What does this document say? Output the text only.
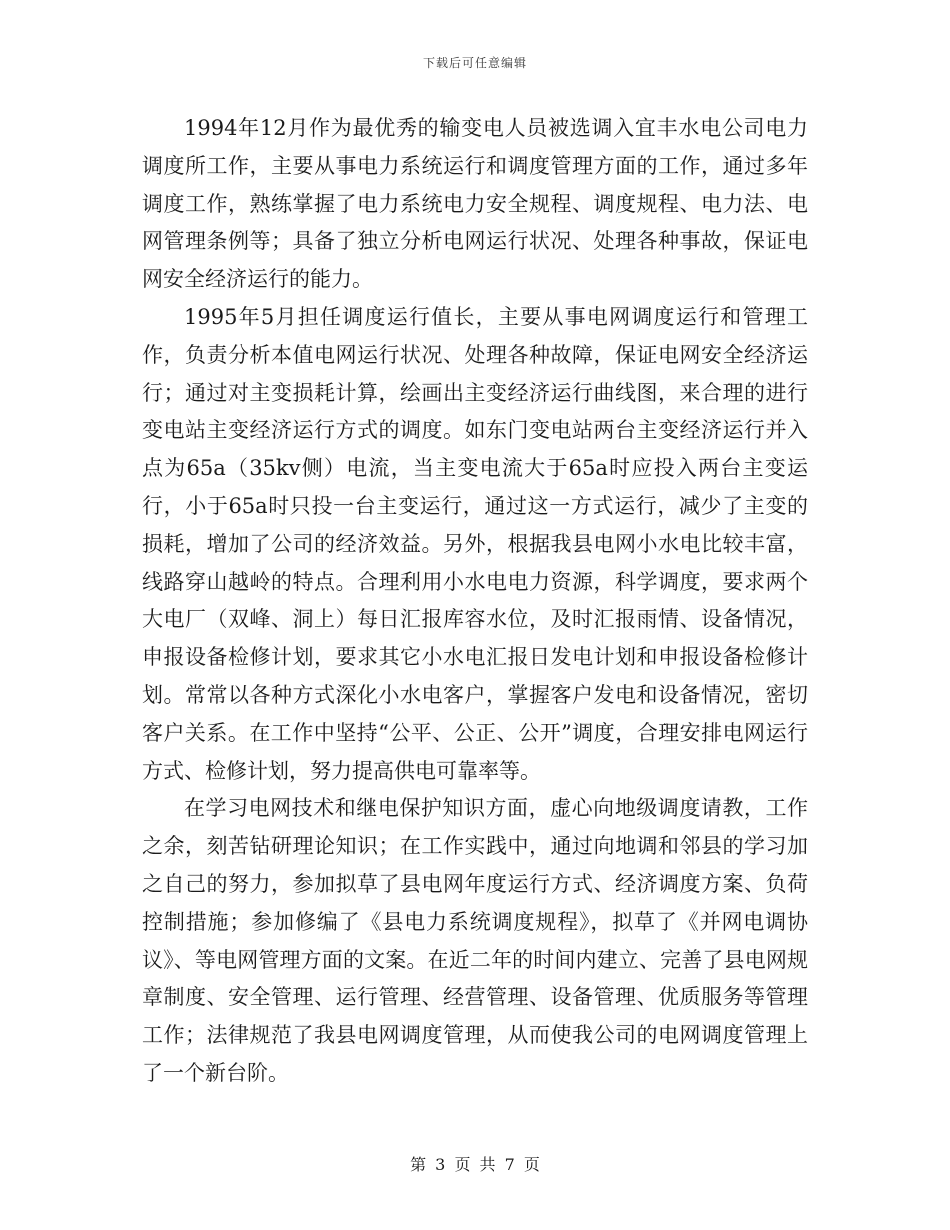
下载后可任意编辑

1994年12月作为最优秀的输变电人员被选调入宜丰水电公司电力调度所工作，主要从事电力系统运行和调度管理方面的工作，通过多年调度工作，熟练掌握了电力系统电力安全规程、调度规程、电力法、电网管理条例等；具备了独立分析电网运行状况、处理各种事故，保证电网安全经济运行的能力。

1995年5月担任调度运行值长，主要从事电网调度运行和管理工作，负责分析本值电网运行状况、处理各种故障，保证电网安全经济运行；通过对主变损耗计算，绘画出主变经济运行曲线图，来合理的进行变电站主变经济运行方式的调度。如东门变电站两台主变经济运行并入点为65a（35kv侧）电流，当主变电流大于65a时应投入两台主变运行，小于65a时只投一台主变运行，通过这一方式运行，减少了主变的损耗，增加了公司的经济效益。另外，根据我县电网小水电比较丰富，线路穿山越岭的特点。合理利用小水电电力资源，科学调度，要求两个大电厂（双峰、洞上）每日汇报库容水位，及时汇报雨情、设备情况，申报设备检修计划，要求其它小水电汇报日发电计划和申报设备检修计划。常常以各种方式深化小水电客户，掌握客户发电和设备情况，密切客户关系。在工作中坚持“公平、公正、公开”调度，合理安排电网运行方式、检修计划，努力提高供电可靠率等。

在学习电网技术和继电保护知识方面，虚心向地级调度请教，工作之余，刻苦钻研理论知识；在工作实践中，通过向地调和邻县的学习加之自己的努力，参加拟草了县电网年度运行方式、经济调度方案、负荷控制措施；参加修编了《县电力系统调度规程》，拟草了《并网电调协议》、等电网管理方面的文案。在近二年的时间内建立、完善了县电网规章制度、安全管理、运行管理、经营管理、设备管理、优质服务等管理工作；法律规范了我县电网调度管理，从而使我公司的电网调度管理上了一个新台阶。

第 3 页 共 7 页
